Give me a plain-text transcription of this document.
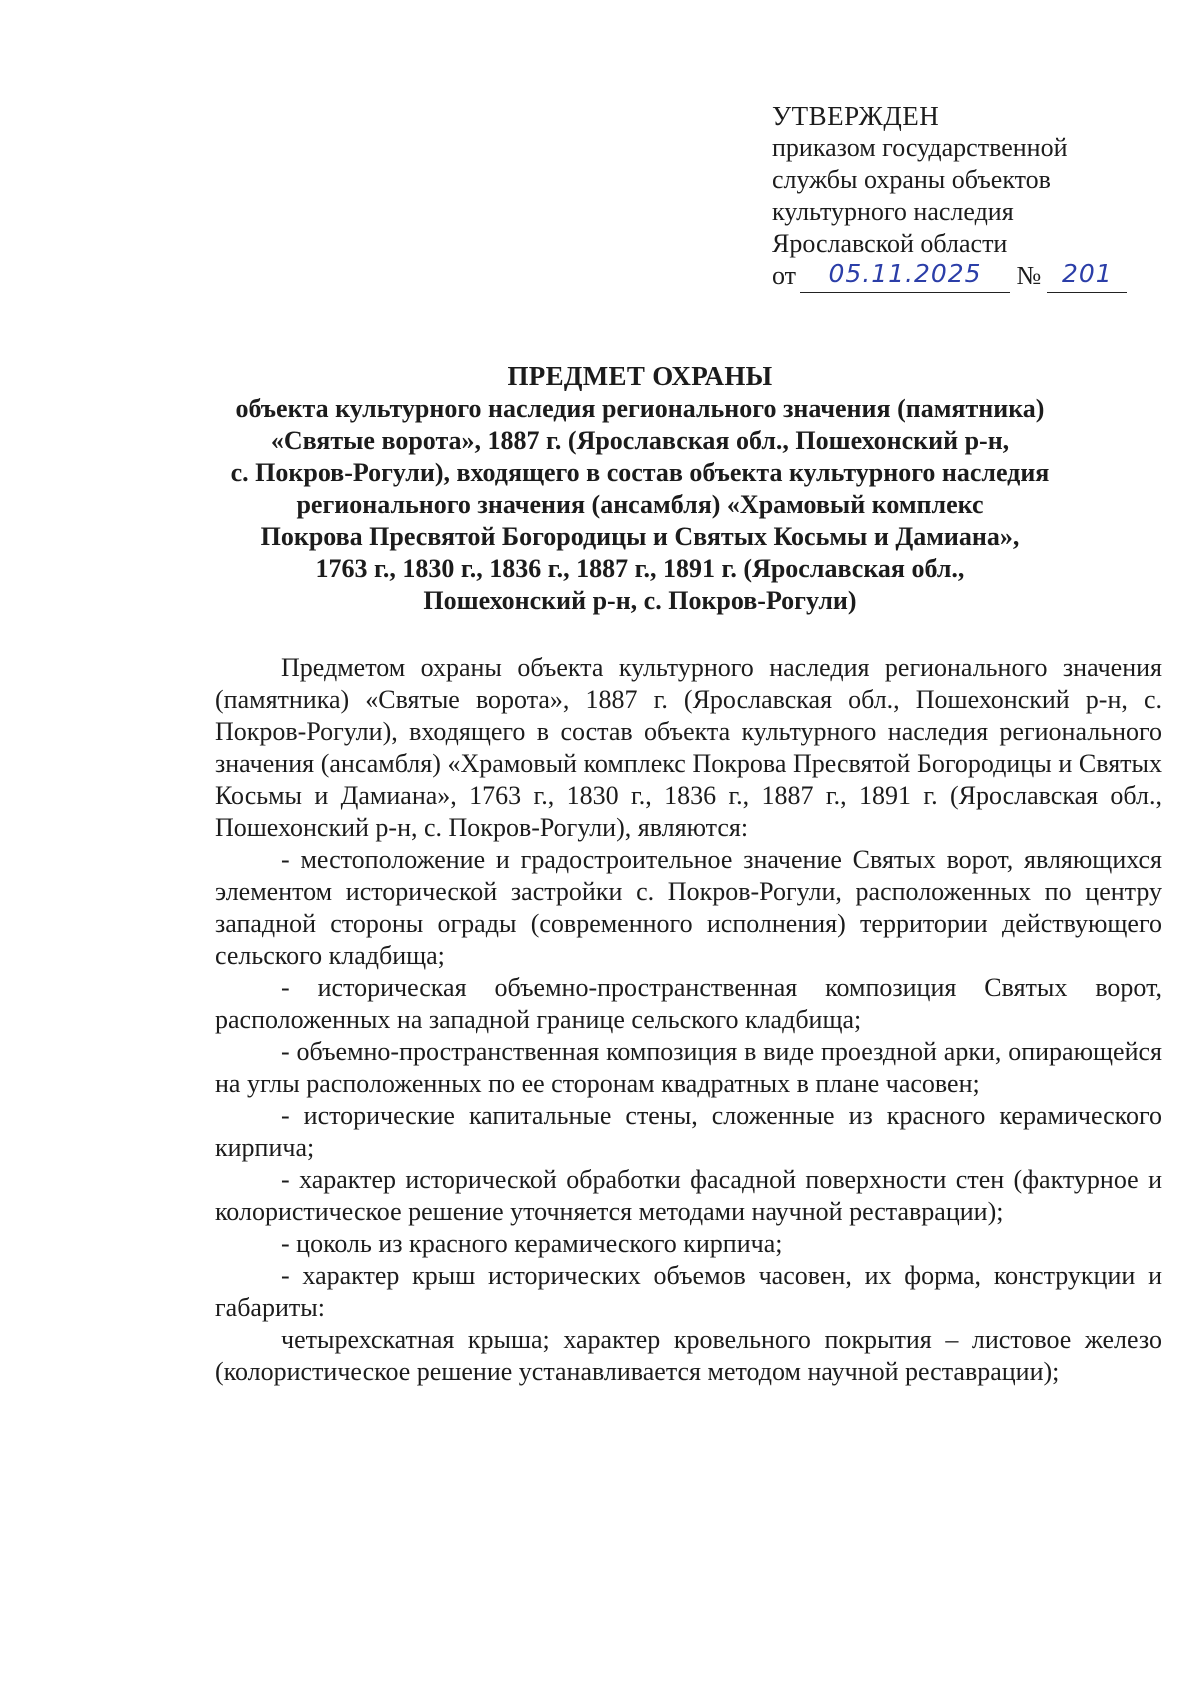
УТВЕРЖДЕН
приказом государственной
службы охраны объектов
культурного наследия
Ярославской области
от 05.11.2025 № 201
ПРЕДМЕТ ОХРАНЫ
объекта культурного наследия регионального значения (памятника)
«Святые ворота», 1887 г. (Ярославская обл., Пошехонский р-н,
с. Покров-Рогули), входящего в состав объекта культурного наследия
регионального значения (ансамбля) «Храмовый комплекс
Покрова Пресвятой Богородицы и Святых Косьмы и Дамиана»,
1763 г., 1830 г., 1836 г., 1887 г., 1891 г. (Ярославская обл.,
Пошехонский р-н, с. Покров-Рогули)

Предметом охраны объекта культурного наследия регионального значения (памятника) «Святые ворота», 1887 г. (Ярославская обл., Пошехонский р-н, с. Покров-Рогули), входящего в состав объекта культурного наследия регионального значения (ансамбля) «Храмовый комплекс Покрова Пресвятой Богородицы и Святых Косьмы и Дамиана», 1763 г., 1830 г., 1836 г., 1887 г., 1891 г. (Ярославская обл., Пошехонский р-н, с. Покров-Рогули), являются:

- местоположение и градостроительное значение Святых ворот, являющихся элементом исторической застройки с. Покров-Рогули, расположенных по центру западной стороны ограды (современного исполнения) территории действующего сельского кладбища;

- историческая объемно-пространственная композиция Святых ворот, расположенных на западной границе сельского кладбища;

- объемно-пространственная композиция в виде проездной арки, опирающейся на углы расположенных по ее сторонам квадратных в плане часовен;

- исторические капитальные стены, сложенные из красного керамического кирпича;

- характер исторической обработки фасадной поверхности стен (фактурное и колористическое решение уточняется методами научной реставрации);

- цоколь из красного керамического кирпича;

- характер крыш исторических объемов часовен, их форма, конструкции и габариты:

четырехскатная крыша; характер кровельного покрытия – листовое железо (колористическое решение устанавливается методом научной реставрации);
